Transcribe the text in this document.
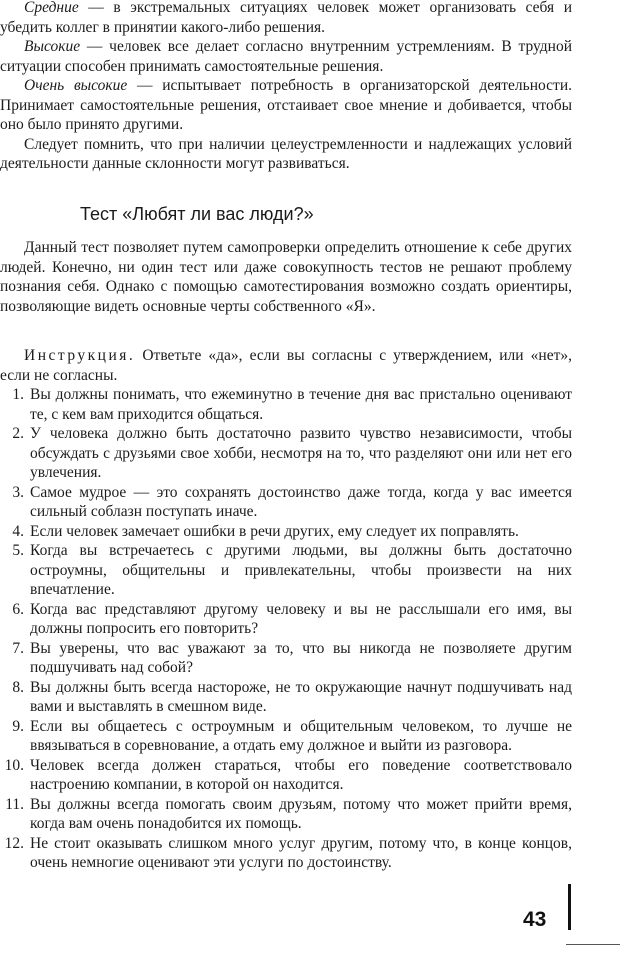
Средние — в экстремальных ситуациях человек может организовать себя и убедить коллег в принятии какого-либо решения.

Высокие — человек все делает согласно внутренним устремлениям. В трудной ситуации способен принимать самостоятельные решения.

Очень высокие — испытывает потребность в организаторской деятельности. Принимает самостоятельные решения, отстаивает свое мнение и добивается, чтобы оно было принято другими.

Следует помнить, что при наличии целеустремленности и надлежащих условий деятельности данные склонности могут развиваться.

Тест «Любят ли вас люди?»

Данный тест позволяет путем самопроверки определить отношение к себе других людей. Конечно, ни один тест или даже совокупность тестов не решают проблему познания себя. Однако с помощью самотестирования возможно создать ориентиры, позволяющие видеть основные черты собственного «Я».

Инструкция. Ответьте «да», если вы согласны с утверждением, или «нет», если не согласны.

1. Вы должны понимать, что ежеминутно в течение дня вас пристально оценивают те, с кем вам приходится общаться.
2. У человека должно быть достаточно развито чувство независимости, чтобы обсуждать с друзьями свое хобби, несмотря на то, что разделяют они или нет его увлечения.
3. Самое мудрое — это сохранять достоинство даже тогда, когда у вас имеется сильный соблазн поступать иначе.
4. Если человек замечает ошибки в речи других, ему следует их поправлять.
5. Когда вы встречаетесь с другими людьми, вы должны быть достаточно остроумны, общительны и привлекательны, чтобы произвести на них впечатление.
6. Когда вас представляют другому человеку и вы не расслышали его имя, вы должны попросить его повторить?
7. Вы уверены, что вас уважают за то, что вы никогда не позволяете другим подшучивать над собой?
8. Вы должны быть всегда настороже, не то окружающие начнут подшучивать над вами и выставлять в смешном виде.
9. Если вы общаетесь с остроумным и общительным человеком, то лучше не ввязываться в соревнование, а отдать ему должное и выйти из разговора.
10. Человек всегда должен стараться, чтобы его поведение соответствовало настроению компании, в которой он находится.
11. Вы должны всегда помогать своим друзьям, потому что может прийти время, когда вам очень понадобится их помощь.
12. Не стоит оказывать слишком много услуг другим, потому что, в конце концов, очень немногие оценивают эти услуги по достоинству.
43
